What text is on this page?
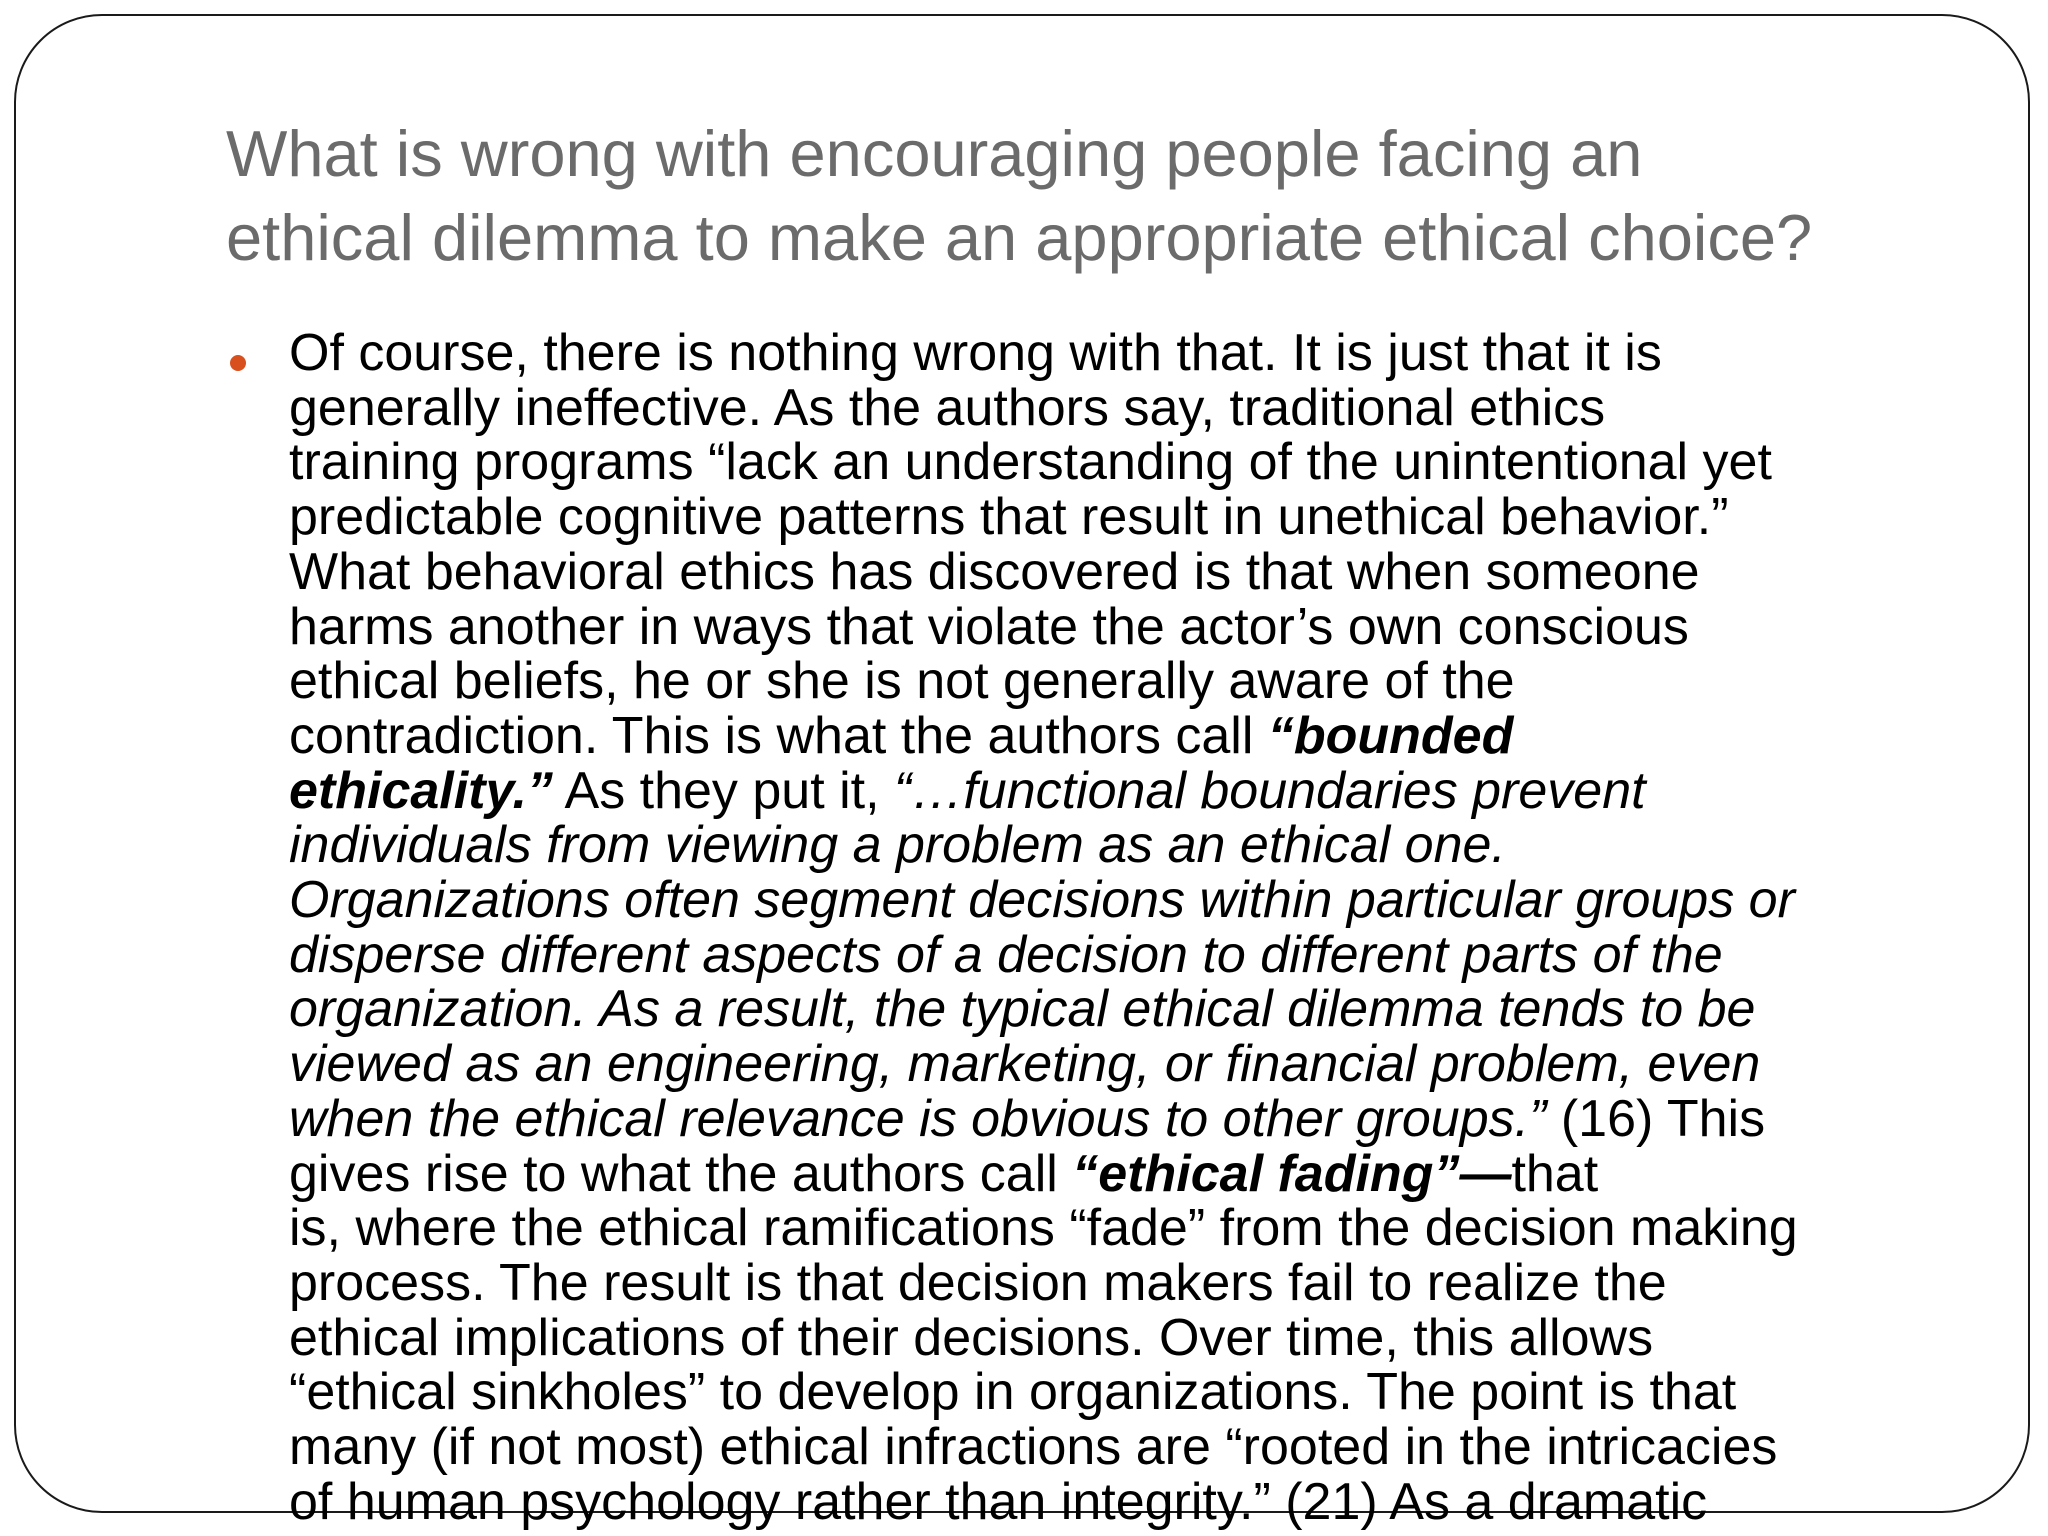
What is wrong with encouraging people facing an
ethical dilemma to make an appropriate ethical choice?

Of course, there is nothing wrong with that. It is just that it is
generally ineffective. As the authors say, traditional ethics
training programs “lack an understanding of the unintentional yet
predictable cognitive patterns that result in unethical behavior.”
What behavioral ethics has discovered is that when someone
harms another in ways that violate the actor’s own conscious
ethical beliefs, he or she is not generally aware of the
contradiction. This is what the authors call “bounded
ethicality.” As they put it, “…functional boundaries prevent
individuals from viewing a problem as an ethical one.
Organizations often segment decisions within particular groups or
disperse different aspects of a decision to different parts of the
organization. As a result, the typical ethical dilemma tends to be
viewed as an engineering, marketing, or financial problem, even
when the ethical relevance is obvious to other groups.” (16) This
gives rise to what the authors call “ethical fading”—that
is, where the ethical ramifications “fade” from the decision making
process. The result is that decision makers fail to realize the
ethical implications of their decisions. Over time, this allows
“ethical sinkholes” to develop in organizations. The point is that
many (if not most) ethical infractions are “rooted in the intricacies
of human psychology rather than integrity.” (21) As a dramatic
